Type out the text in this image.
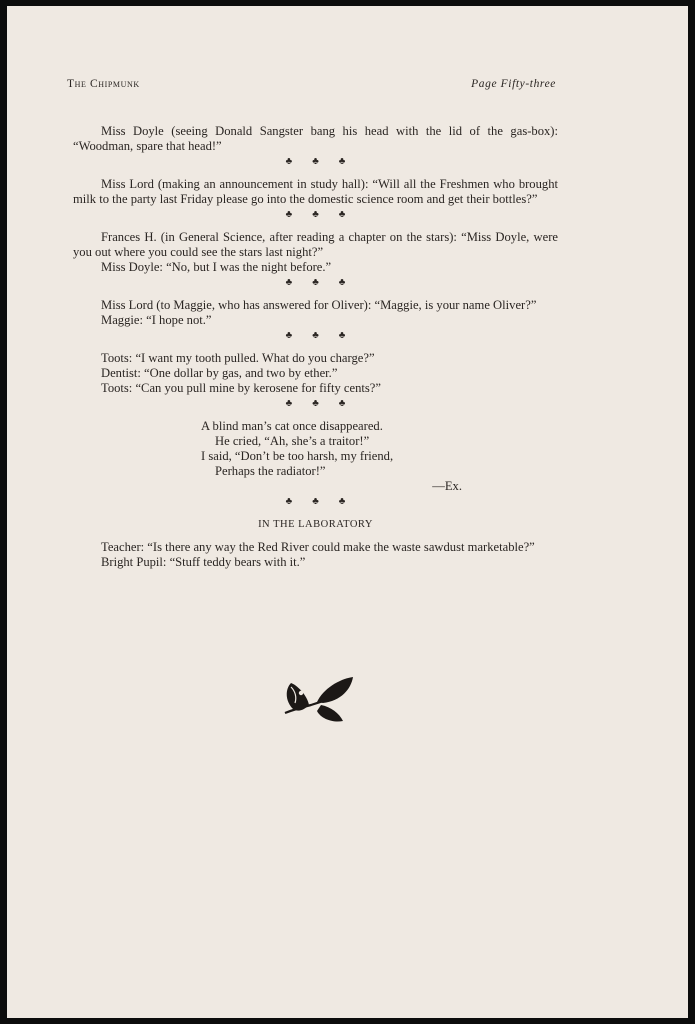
The Chipmunk	Page Fifty-three

Miss Doyle (seeing Donald Sangster bang his head with the lid of the gas-box): “Woodman, spare that head!”

♣ ♣ ♣

Miss Lord (making an announcement in study hall): “Will all the Freshmen who brought milk to the party last Friday please go into the domestic science room and get their bottles?”

♣ ♣ ♣

Frances H. (in General Science, after reading a chapter on the stars): “Miss Doyle, were you out where you could see the stars last night?”

Miss Doyle: “No, but I was the night before.”

♣ ♣ ♣

Miss Lord (to Maggie, who has answered for Oliver): “Maggie, is your name Oliver?”

Maggie: “I hope not.”

♣ ♣ ♣

Toots: “I want my tooth pulled. What do you charge?”

Dentist: “One dollar by gas, and two by ether.”

Toots: “Can you pull mine by kerosene for fifty cents?”

♣ ♣ ♣
A blind man’s cat once disappeared.
He cried, “Ah, she’s a traitor!”
I said, “Don’t be too harsh, my friend,
Perhaps the radiator!”
—Ex.
♣ ♣ ♣
IN THE LABORATORY

Teacher: “Is there any way the Red River could make the waste sawdust marketable?”

Bright Pupil: “Stuff teddy bears with it.”
